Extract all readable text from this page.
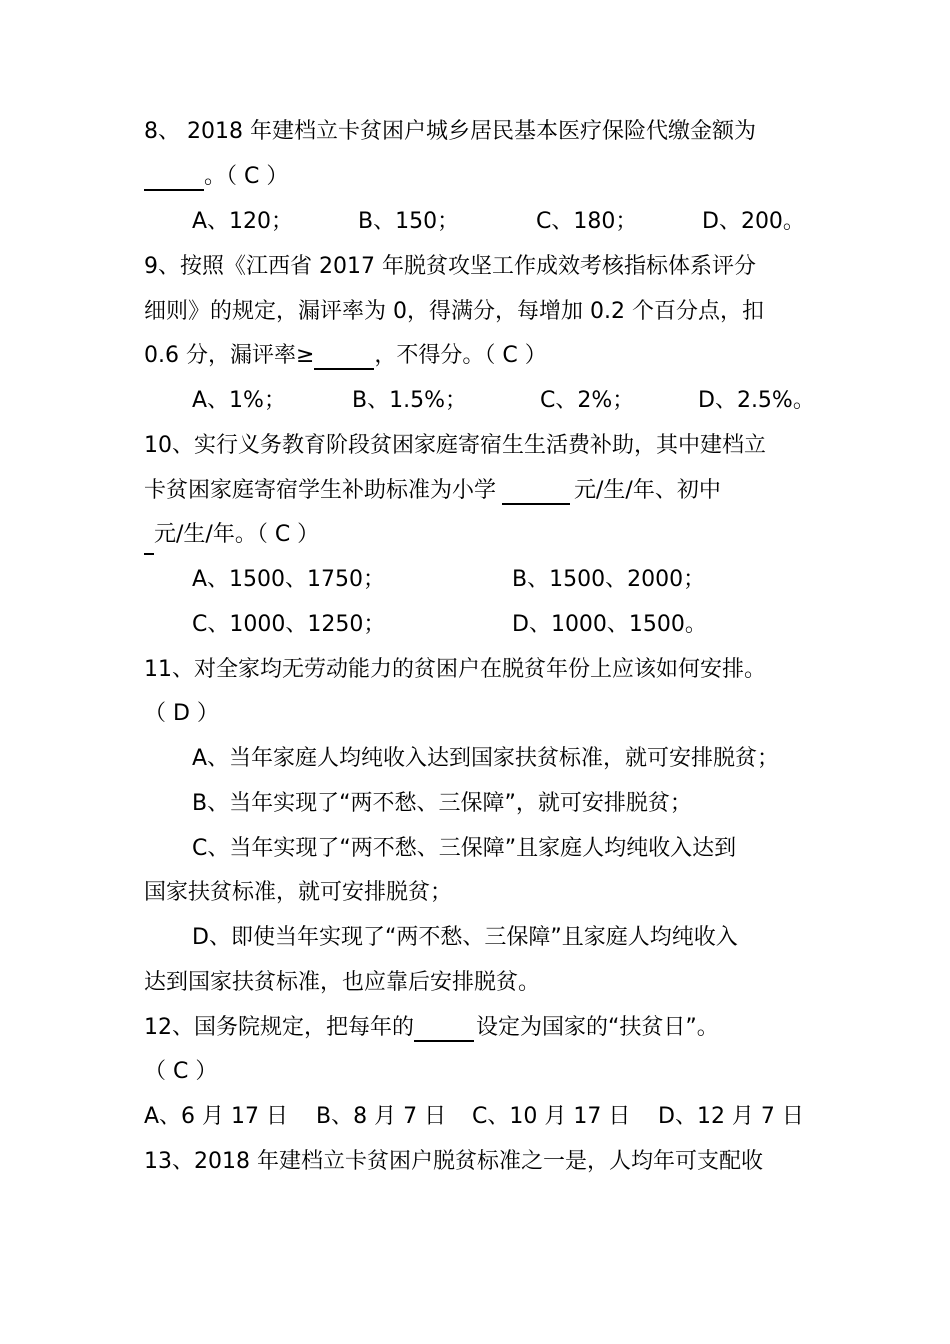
8、 2018 年建档立卡贫困户城乡居民基本医疗保险代缴金额为
。（ C ）
A、120；	B、150；	C、180；	D、200。
9、按照《江西省 2017 年脱贫攻坚工作成效考核指标体系评分
细则》的规定，漏评率为 0，得满分，每增加 0.2 个百分点，扣
0.6 分，漏评率≥	，不得分。（ C ）
A、1%；	B、1.5%；	C、2%；	D、2.5%。
10、实行义务教育阶段贫困家庭寄宿生生活费补助，其中建档立
卡贫困家庭寄宿学生补助标准为小学	元/生/年、初中
元/生/年。（ C ）
A、1500、1750；	B、1500、2000；
C、1000、1250；	D、1000、1500。
11、对全家均无劳动能力的贫困户在脱贫年份上应该如何安排。
（ D ）
A、当年家庭人均纯收入达到国家扶贫标准，就可安排脱贫；
B、当年实现了“两不愁、三保障”，就可安排脱贫；
C、当年实现了“两不愁、三保障”且家庭人均纯收入达到
国家扶贫标准，就可安排脱贫；
D、即使当年实现了“两不愁、三保障”且家庭人均纯收入
达到国家扶贫标准，也应靠后安排脱贫。
12、国务院规定，把每年的	设定为国家的“扶贫日”。
（ C ）
A、6 月 17 日 B、8 月 7 日 C、10 月 17 日 D、12 月 7 日
13、2018 年建档立卡贫困户脱贫标准之一是，人均年可支配收
